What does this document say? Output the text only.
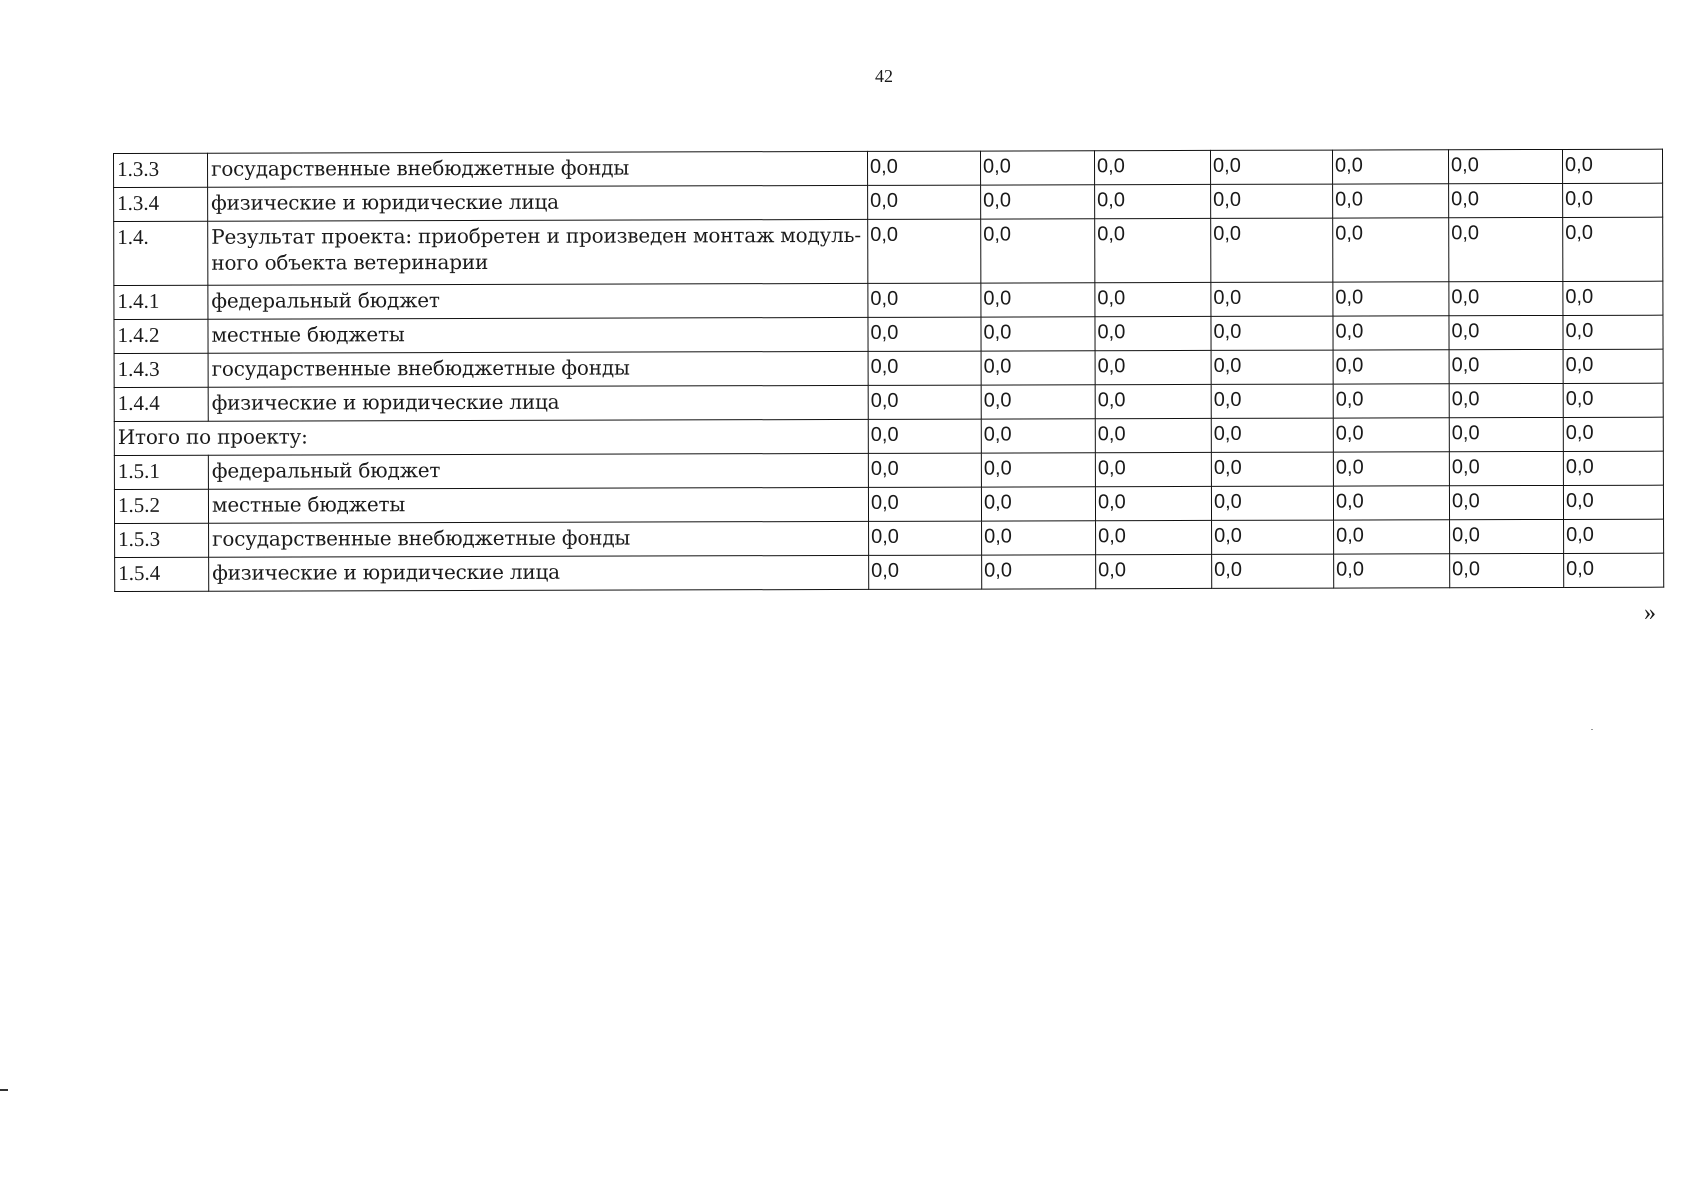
42
1.3.3	государственные внебюджетные фонды	0,0	0,0	0,0	0,0	0,0	0,0	0,0
1.3.4	физические и юридические лица	0,0	0,0	0,0	0,0	0,0	0,0	0,0
1.4.	Результат проекта: приобретен и произведен монтаж модуль-ного объекта ветеринарии	0,0	0,0	0,0	0,0	0,0	0,0	0,0
1.4.1	федеральный бюджет	0,0	0,0	0,0	0,0	0,0	0,0	0,0
1.4.2	местные бюджеты	0,0	0,0	0,0	0,0	0,0	0,0	0,0
1.4.3	государственные внебюджетные фонды	0,0	0,0	0,0	0,0	0,0	0,0	0,0
1.4.4	физические и юридические лица	0,0	0,0	0,0	0,0	0,0	0,0	0,0
Итого по проекту:		0,0	0,0	0,0	0,0	0,0	0,0	0,0
1.5.1	федеральный бюджет	0,0	0,0	0,0	0,0	0,0	0,0	0,0
1.5.2	местные бюджеты	0,0	0,0	0,0	0,0	0,0	0,0	0,0
1.5.3	государственные внебюджетные фонды	0,0	0,0	0,0	0,0	0,0	0,0	0,0
1.5.4	физические и юридические лица	0,0	0,0	0,0	0,0	0,0	0,0	0,0
»
